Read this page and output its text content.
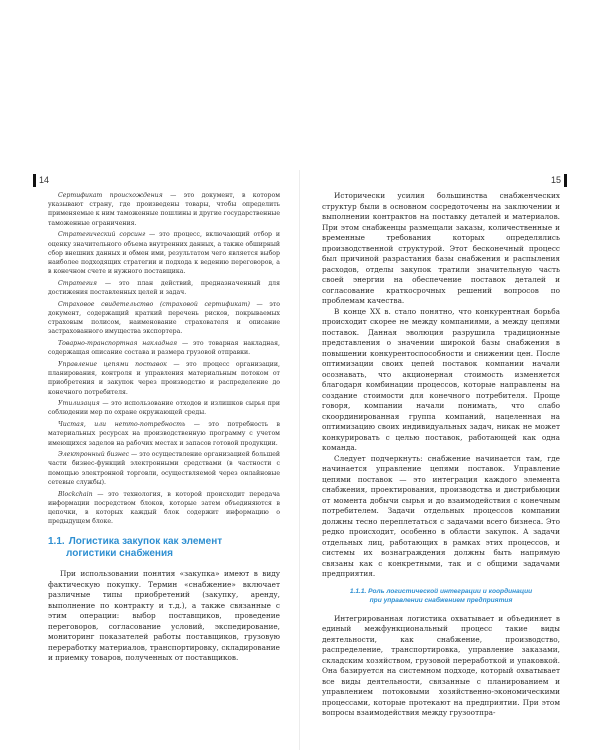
14

Сертификат происхождения — это документ, в котором указывают страну, где произведены товары, чтобы определить применяемые к ним таможенные пошлины и другие государственные таможенные ограничения.

Стратегический сорсинг — это процесс, включающий отбор и оценку значительного объема внутренних данных, а также обширный сбор внешних данных и обмен ими, результатом чего является выбор наиболее подходящих стратегии и подхода к ведению переговоров, а в конечном счете и нужного поставщика.

Стратегия — это план действий, предназначенный для достижения поставленных целей и задач.

Страховое свидетельство (страховой сертификат) — это документ, содержащий краткий перечень рисков, покрываемых страховым полисом, наименование страхователя и описание застрахованного имущества экспортера.

Товарно-транспортная накладная — это товарная накладная, содержащая описание состава и размера грузовой отправки.

Управление цепями поставок — это процесс организации, планирования, контроля и управления материальным потоком от приобретения и закупок через производство и распределение до конечного потребителя.

Утилизация — это использование отходов и излишков сырья при соблюдении мер по охране окружающей среды.

Чистая, или нетто-потребность — это потребность в материальных ресурсах на производственную программу с учетом имеющихся заделов на рабочих местах и запасов готовой продукции.

Электронный бизнес — это осуществление организацией большей части бизнес-функций электронными средствами (в частности с помощью электронной торговли, осуществляемой через онлайновые сетевые службы).

Blockchain — это технология, в которой происходит передача информации посредством блоков, которые затем объединяются в цепочки, в которых каждый блок содержит информацию о предыдущем блоке.

1.1. Логистика закупок как элемент
логистики снабжения

При использовании понятия «закупка» имеют в виду фактическую покупку. Термин «снабжение» включает различные типы приобретений (закупку, аренду, выполнение по контракту и т.д.), а также связанные с этим операции: выбор поставщиков, проведение переговоров, согласование условий, экспедирование, мониторинг показателей работы поставщиков, грузовую переработку материалов, транспортировку, складирование и приемку товаров, полученных от поставщиков.

15

Исторически усилия большинства снабженческих структур были в основном сосредоточены на заключении и выполнении контрактов на поставку деталей и материалов. При этом снабженцы размещали заказы, количественные и временные требования которых определялись производственной структурой. Этот бесконечный процесс был причиной разрастания базы снабжения и распыления расходов, отделы закупок тратили значительную часть своей энергии на обеспечение поставок деталей и согласование краткосрочных решений вопросов по проблемам качества.

В конце XX в. стало понятно, что конкурентная борьба происходит скорее не между компаниями, а между цепями поставок. Данная эволюция разрушила традиционные представления о значении широкой базы снабжения в повышении конкурентоспособности и снижении цен. После оптимизации своих цепей поставок компании начали осознавать, что акционерная стоимость изменяется благодаря комбинации процессов, которые направлены на создание стоимости для конечного потребителя. Проще говоря, компании начали понимать, что слабо скоординированная группа компаний, нацеленная на оптимизацию своих индивидуальных задач, никак не может конкурировать с целью поставок, работающей как одна команда.

Следует подчеркнуть: снабжение начинается там, где начинается управление цепями поставок. Управление цепями поставок — это интеграция каждого элемента снабжения, проектирования, производства и дистрибьюции от момента добычи сырья и до взаимодействия с конечным потребителем. Задачи отдельных процессов компании должны тесно переплетаться с задачами всего бизнеса. Это редко происходит, особенно в области закупок. А задачи отдельных лиц, работающих в рамках этих процессов, и системы их вознаграждения должны быть напрямую связаны как с конкретными, так и с общими задачами предприятия.

1.1.1. Роль логистической интеграции и координации
при управлении снабжением предприятия

Интегрированная логистика охватывает и объединяет в единый межфункциональный процесс такие виды деятельности, как снабжение, производство, распределение, транспортировка, управление заказами, складским хозяйством, грузовой переработкой и упаковкой. Она базируется на системном подходе, который охватывает все виды деятельности, связанные с планированием и управлением потоковыми хозяйственно-экономическими процессами, которые протекают на предприятии. При этом вопросы взаимодействия между грузоотпра-
